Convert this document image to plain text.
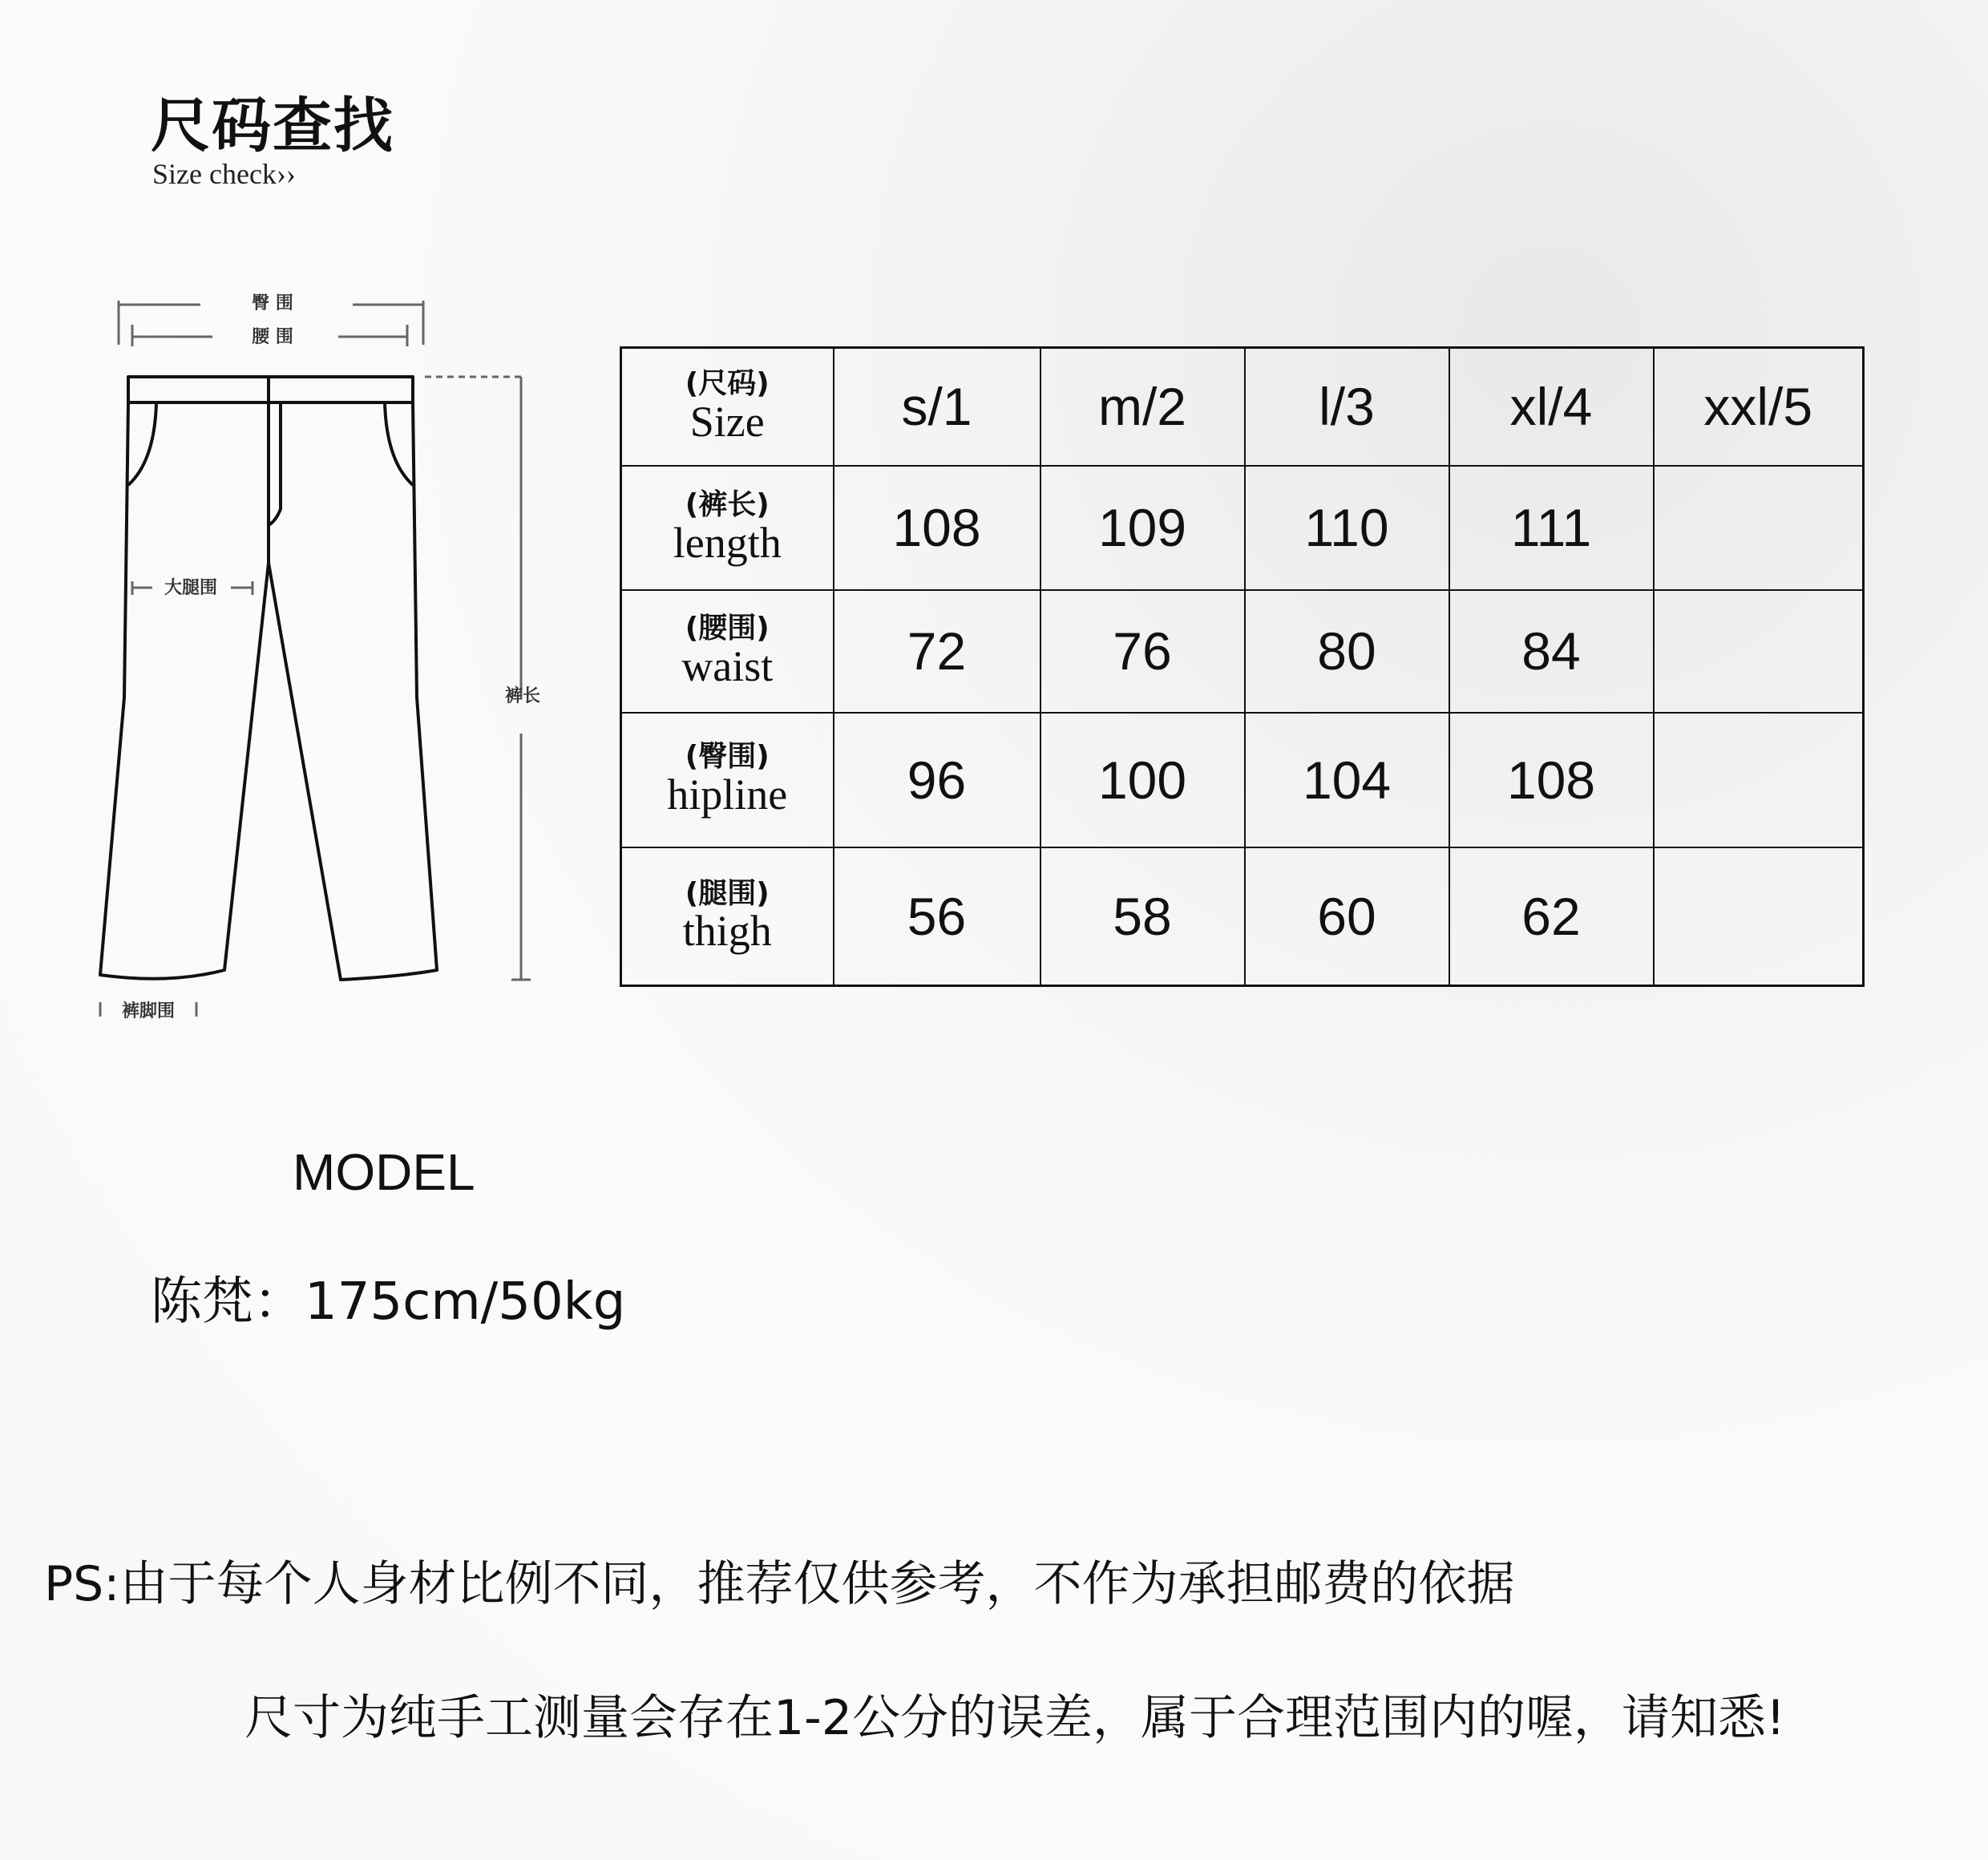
尺码查找
Size check››
臀 围
腰 围
大腿围
裤长
裤脚围
(尺码)
Size	s/1	m/2	l/3	xl/4	xxl/5

(裤长)
length	108	109	110	111	

(腰围)
waist	72	76	80	84	

(臀围)
hipline	96	100	104	108	

(腿围)
thigh	56	58	60	62	
MODEL
陈梵：175cm/50kg
PS:由于每个人身材比例不同，推荐仅供参考，不作为承担邮费的依据
尺寸为纯手工测量会存在1-2公分的误差，属于合理范围内的喔，请知悉!
